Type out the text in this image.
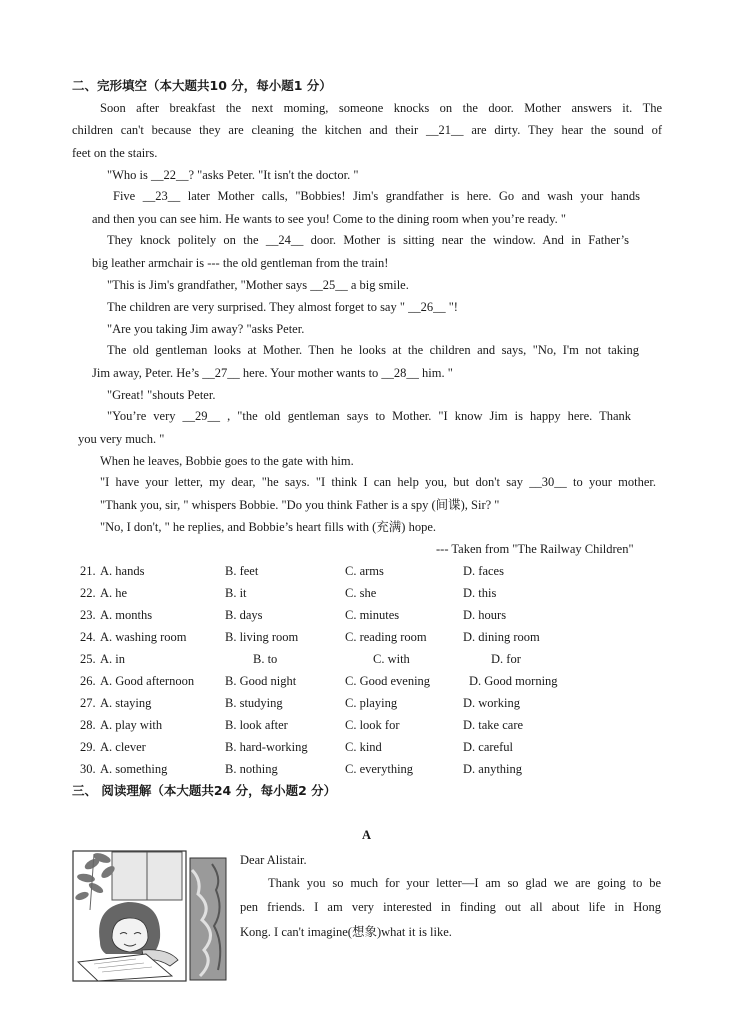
二、完形填空（本大题共10 分，每小题1 分）
Soon after breakfast the next moming, someone knocks on the door. Mother answers it. The
children can't because they are cleaning the kitchen and their __21__ are dirty. They hear the sound of
feet on the stairs.
"Who is __22__? "asks Peter. "It isn't the doctor. "
Five __23__ later Mother calls, "Bobbies! Jim's grandfather is here. Go and wash your hands
and then you can see him. He wants to see you! Come to the dining room when you’re ready. "
They knock politely on the __24__ door. Mother is sitting near the window. And in Father’s
big leather armchair is --- the old gentleman from the train!
"This is Jim's grandfather, "Mother says __25__ a big smile.
The children are very surprised. They almost forget to say " __26__ "!
"Are you taking Jim away? "asks Peter.
The old gentleman looks at Mother. Then he looks at the children and says, "No, I'm not taking
Jim away, Peter. He’s __27__ here. Your mother wants to __28__ him. "
"Great! "shouts Peter.
"You’re very __29__ , "the old gentleman says to Mother. "I know Jim is happy here. Thank
you very much. "
When he leaves, Bobbie goes to the gate with him.
"I have your letter, my dear, "he says. "I think I can help you, but don't say __30__ to your mother.
"Thank you, sir, " whispers Bobbie. "Do you think Father is a spy (间谍), Sir? "
"No, I don't, " he replies, and Bobbie’s heart fills with (充满) hope.
--- Taken from "The Railway Children"
21. A. hands	B. feet	C. arms	D. faces
22. A. he	B. it	C. she	D. this
23. A. months	B. days	C. minutes	D. hours
24. A. washing room	B. living room	C. reading room	D. dining room
25. A. in	B. to	C. with	D. for
26. A. Good afternoon B. Good night	C. Good evening	D. Good morning
27. A. staying	B. studying	C. playing	D. working
28. A. play with	B. look after	C. look for	D. take care
29. A. clever	B. hard-working	C. kind	D. careful
30. A. something	B. nothing	C. everything	D. anything
三、 阅读理解（本大题共24 分，每小题2 分）
A
Dear Alistair.
Thank you so much for your letter—I am so glad we are going to be
pen friends. I am very interested in finding out all about life in Hong
Kong. I can't imagine(想象)what it is like.
